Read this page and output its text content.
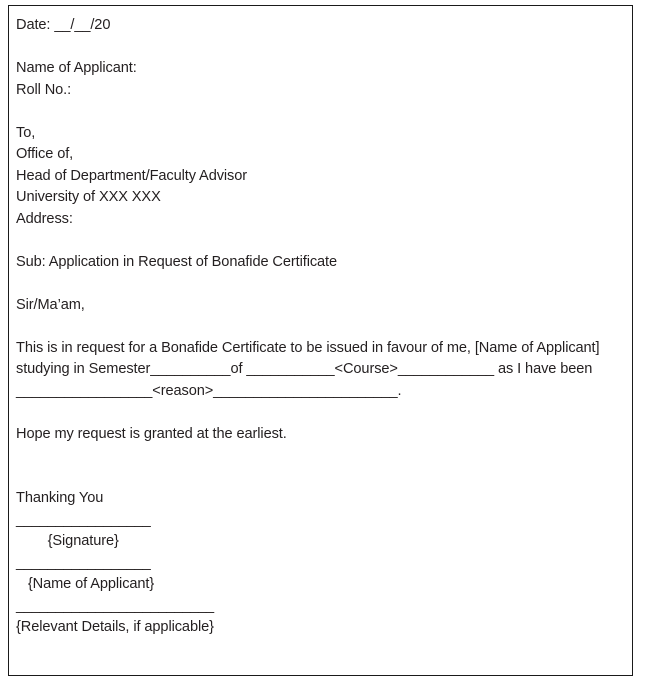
Date: __/__/20
Name of Applicant:
Roll No.:
To,
Office of,
Head of Department/Faculty Advisor
University of XXX XXX
Address:
Sub: Application in Request of Bonafide Certificate
Sir/Ma’am,
This is in request for a Bonafide Certificate to be issued in favour of me, [Name of Applicant] studying in Semester__________of ___________<Course>____________ as I have been _________________<reason>_______________________.
Hope my request is granted at the earliest.
Thanking You
_________________
{Signature}
_________________
{Name of Applicant}
_________________________
{Relevant Details, if applicable}
